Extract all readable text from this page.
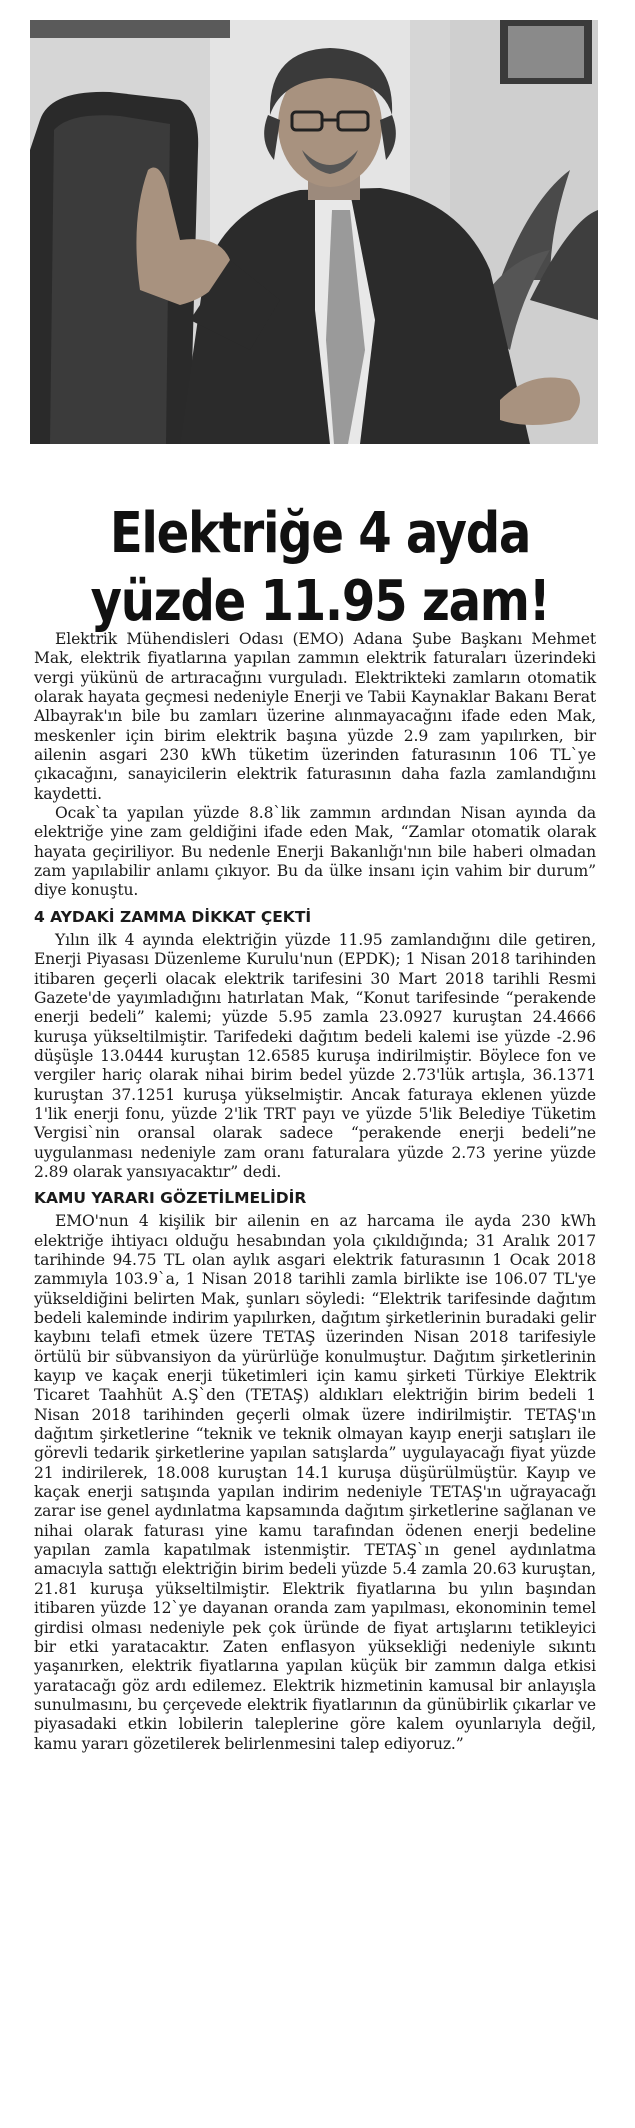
Elektriğe 4 ayda
yüzde 11.95 zam!

Elektrik Mühendisleri Odası (EMO) Adana Şube Başkanı Mehmet Mak, elektrik fiyatlarına yapılan zammın elektrik faturaları üzerindeki vergi yükünü de artıracağını vurguladı. Elektrikteki zamların otomatik olarak hayata geçmesi nedeniyle Enerji ve Tabii Kaynaklar Bakanı Berat Albayrak'ın bile bu zamları üzerine alınmayacağını ifade eden Mak, meskenler için birim elektrik başına yüzde 2.9 zam yapılırken, bir ailenin asgari 230 kWh tüketim üzerinden faturasının 106 TL`ye çıkacağını, sanayicilerin elektrik faturasının daha fazla zamlandığını kaydetti.

Ocak`ta yapılan yüzde 8.8`lik zammın ardından Nisan ayında da elektriğe yine zam geldiğini ifade eden Mak, “Zamlar otomatik olarak hayata geçiriliyor. Bu nedenle Enerji Bakanlığı'nın bile haberi olmadan zam yapılabilir anlamı çıkıyor. Bu da ülke insanı için vahim bir durum” diye konuştu.

4 AYDAKİ ZAMMA DİKKAT ÇEKTİ

Yılın ilk 4 ayında elektriğin yüzde 11.95 zamlandığını dile getiren, Enerji Piyasası Düzenleme Kurulu'nun (EPDK); 1 Nisan 2018 tarihinden itibaren geçerli olacak elektrik tarifesini 30 Mart 2018 tarihli Resmi Gazete'de yayımladığını hatırlatan Mak, “Konut tarifesinde “perakende enerji bedeli” kalemi; yüzde 5.95 zamla 23.0927 kuruştan 24.4666 kuruşa yükseltilmiştir. Tarifedeki dağıtım bedeli kalemi ise yüzde -2.96 düşüşle 13.0444 kuruştan 12.6585 kuruşa indirilmiştir. Böylece fon ve vergiler hariç olarak nihai birim bedel yüzde 2.73'lük artışla, 36.1371 kuruştan 37.1251 kuruşa yükselmiştir. Ancak faturaya eklenen yüzde 1'lik enerji fonu, yüzde 2'lik TRT payı ve yüzde 5'lik Belediye Tüketim Vergisi`nin oransal olarak sadece “perakende enerji bedeli”ne uygulanması nedeniyle zam oranı faturalara yüzde 2.73 yerine yüzde 2.89 olarak yansıyacaktır” dedi.

KAMU YARARI GÖZETİLMELİDİR

EMO'nun 4 kişilik bir ailenin en az harcama ile ayda 230 kWh elektriğe ihtiyacı olduğu hesabından yola çıkıldığında; 31 Aralık 2017 tarihinde 94.75 TL olan aylık asgari elektrik faturasının 1 Ocak 2018 zammıyla 103.9`a, 1 Nisan 2018 tarihli zamla birlikte ise 106.07 TL'ye yükseldiğini belirten Mak, şunları söyledi: “Elektrik tarifesinde dağıtım bedeli kaleminde indirim yapılırken, dağıtım şirketlerinin buradaki gelir kaybını telafi etmek üzere TETAŞ üzerinden Nisan 2018 tarifesiyle örtülü bir sübvansiyon da yürürlüğe konulmuştur. Dağıtım şirketlerinin kayıp ve kaçak enerji tüketimleri için kamu şirketi Türkiye Elektrik Ticaret Taahhüt A.Ş`den (TETAŞ) aldıkları elektriğin birim bedeli 1 Nisan 2018 tarihinden geçerli olmak üzere indirilmiştir. TETAŞ'ın dağıtım şirketlerine “teknik ve teknik olmayan kayıp enerji satışları ile görevli tedarik şirketlerine yapılan satışlarda” uygulayacağı fiyat yüzde 21 indirilerek, 18.008 kuruştan 14.1 kuruşa düşürülmüştür. Kayıp ve kaçak enerji satışında yapılan indirim nedeniyle TETAŞ'ın uğrayacağı zarar ise genel aydınlatma kapsamında dağıtım şirketlerine sağlanan ve nihai olarak faturası yine kamu tarafından ödenen enerji bedeline yapılan zamla kapatılmak istenmiştir. TETAŞ`ın genel aydınlatma amacıyla sattığı elektriğin birim bedeli yüzde 5.4 zamla 20.63 kuruştan, 21.81 kuruşa yükseltilmiştir. Elektrik fiyatlarına bu yılın başından itibaren yüzde 12`ye dayanan oranda zam yapılması, ekonominin temel girdisi olması nedeniyle pek çok üründe de fiyat artışlarını tetikleyici bir etki yaratacaktır. Zaten enflasyon yüksekliği nedeniyle sıkıntı yaşanırken, elektrik fiyatlarına yapılan küçük bir zammın dalga etkisi yaratacağı göz ardı edilemez. Elektrik hizmetinin kamusal bir anlayışla sunulmasını, bu çerçevede elektrik fiyatlarının da günübirlik çıkarlar ve piyasadaki etkin lobilerin taleplerine göre kalem oyunlarıyla değil, kamu yararı gözetilerek belirlenmesini talep ediyoruz.”
